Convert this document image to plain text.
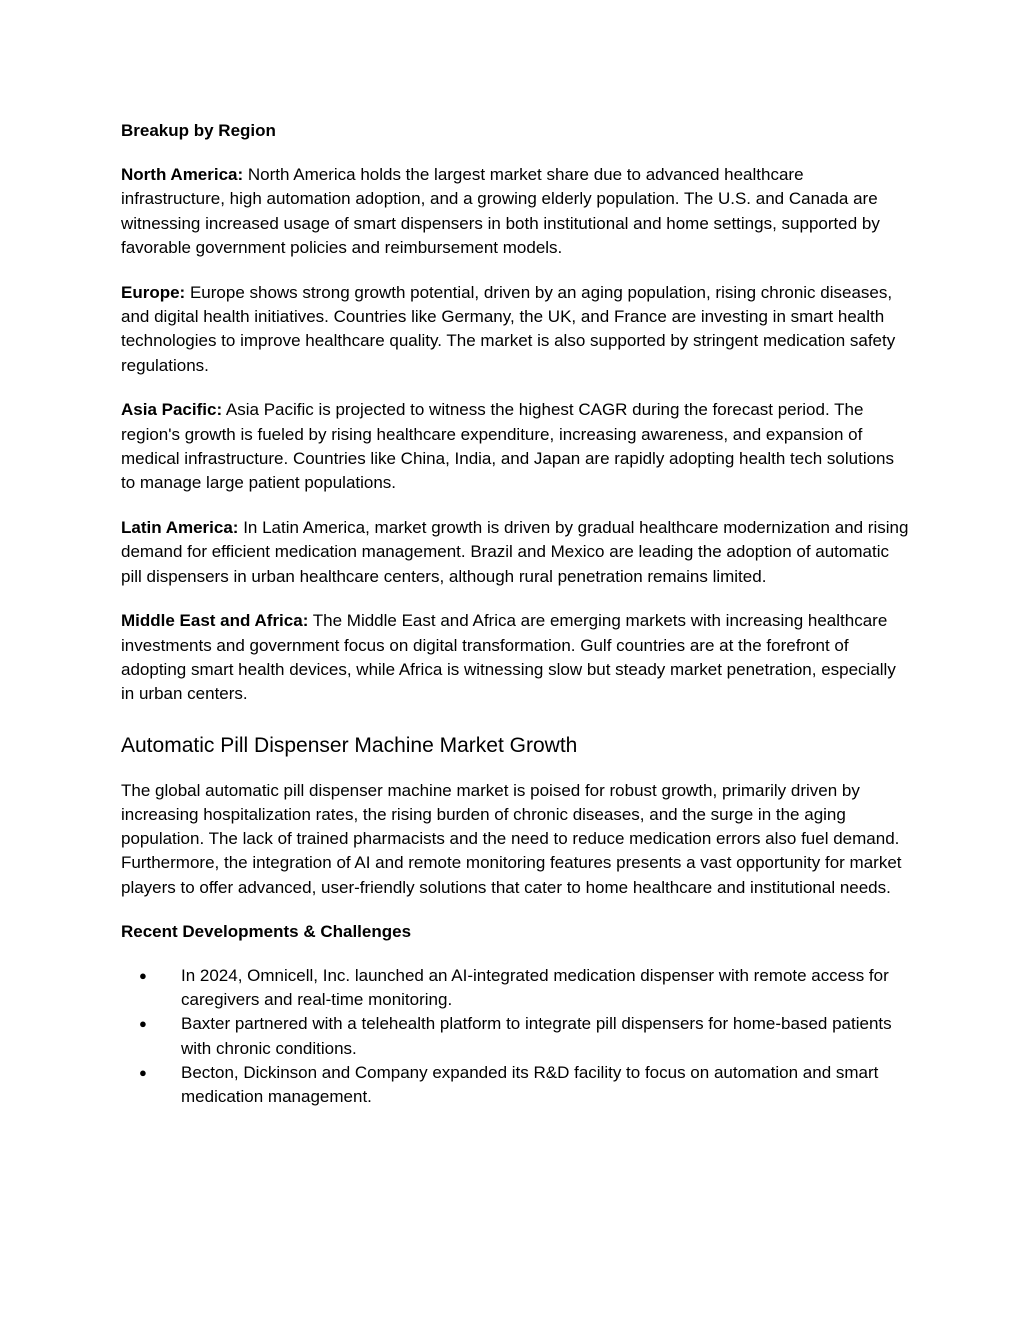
Breakup by Region

North America: North America holds the largest market share due to advanced healthcare infrastructure, high automation adoption, and a growing elderly population. The U.S. and Canada are witnessing increased usage of smart dispensers in both institutional and home settings, supported by favorable government policies and reimbursement models.

Europe: Europe shows strong growth potential, driven by an aging population, rising chronic diseases, and digital health initiatives. Countries like Germany, the UK, and France are investing in smart health technologies to improve healthcare quality. The market is also supported by stringent medication safety regulations.

Asia Pacific: Asia Pacific is projected to witness the highest CAGR during the forecast period. The region's growth is fueled by rising healthcare expenditure, increasing awareness, and expansion of medical infrastructure. Countries like China, India, and Japan are rapidly adopting health tech solutions to manage large patient populations.

Latin America: In Latin America, market growth is driven by gradual healthcare modernization and rising demand for efficient medication management. Brazil and Mexico are leading the adoption of automatic pill dispensers in urban healthcare centers, although rural penetration remains limited.

Middle East and Africa: The Middle East and Africa are emerging markets with increasing healthcare investments and government focus on digital transformation. Gulf countries are at the forefront of adopting smart health devices, while Africa is witnessing slow but steady market penetration, especially in urban centers.

Automatic Pill Dispenser Machine Market Growth

The global automatic pill dispenser machine market is poised for robust growth, primarily driven by increasing hospitalization rates, the rising burden of chronic diseases, and the surge in the aging population. The lack of trained pharmacists and the need to reduce medication errors also fuel demand. Furthermore, the integration of AI and remote monitoring features presents a vast opportunity for market players to offer advanced, user-friendly solutions that cater to home healthcare and institutional needs.

Recent Developments & Challenges
● In 2024, Omnicell, Inc. launched an AI-integrated medication dispenser with remote access for caregivers and real-time monitoring.
● Baxter partnered with a telehealth platform to integrate pill dispensers for home-based patients with chronic conditions.
● Becton, Dickinson and Company expanded its R&D facility to focus on automation and smart medication management.
